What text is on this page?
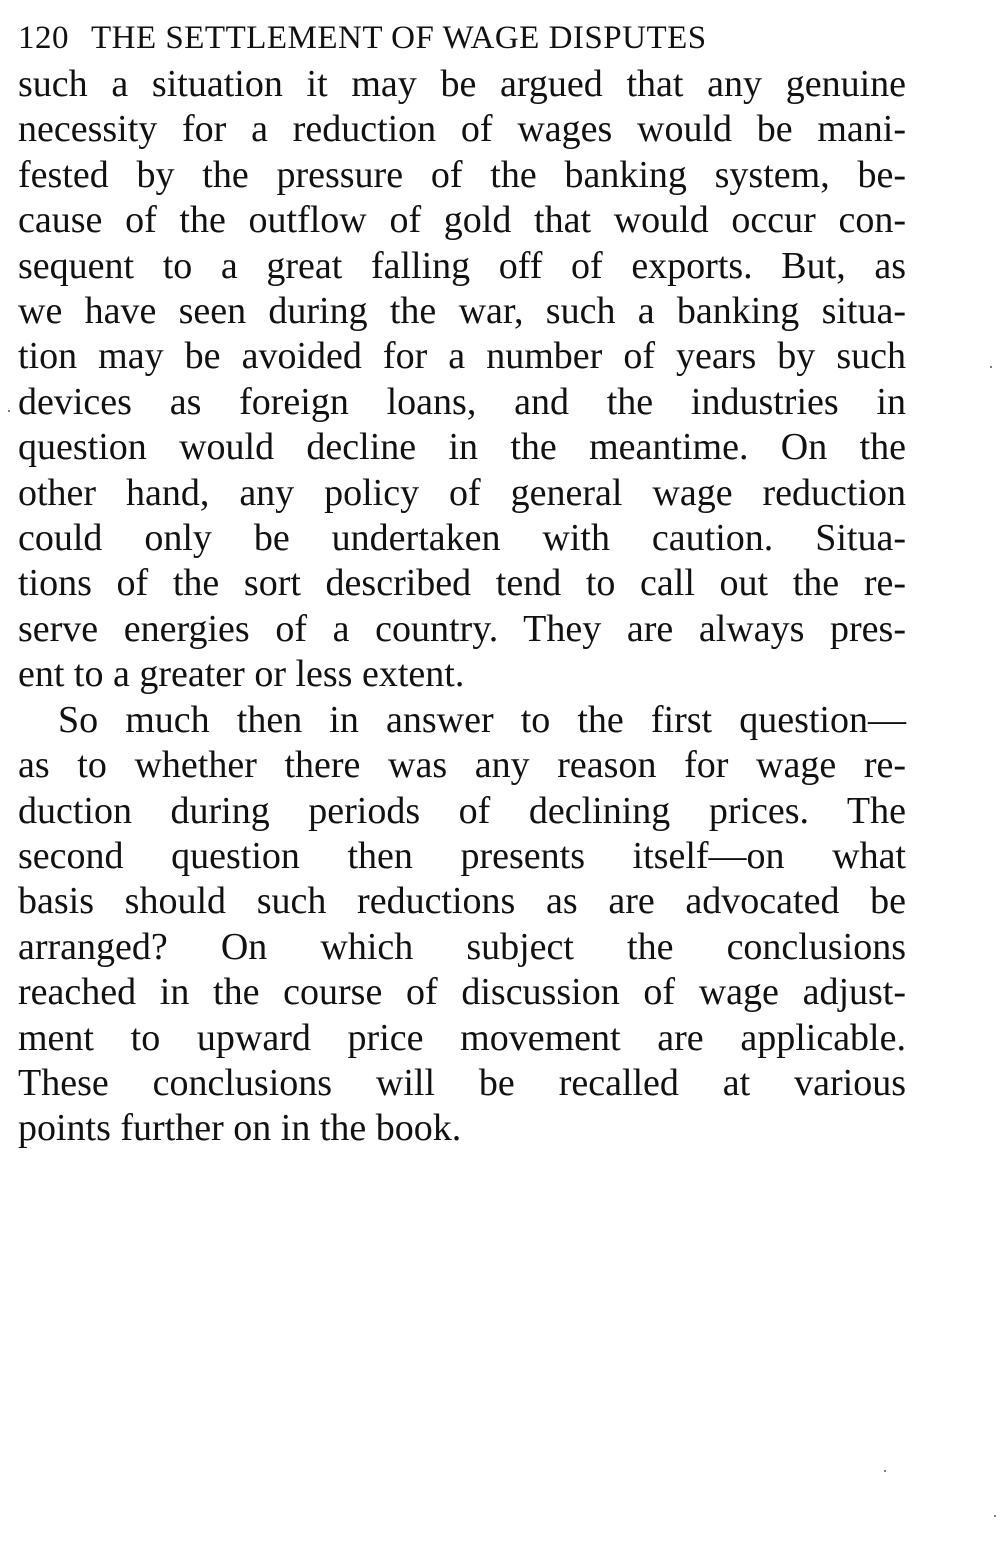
120 THE SETTLEMENT OF WAGE DISPUTES
such a situation it may be argued that any genuine
necessity for a reduction of wages would be mani-
fested by the pressure of the banking system, be-
cause of the outflow of gold that would occur con-
sequent to a great falling off of exports. But, as
we have seen during the war, such a banking situa-
tion may be avoided for a number of years by such
devices as foreign loans, and the industries in
question would decline in the meantime. On the
other hand, any policy of general wage reduction
could only be undertaken with caution. Situa-
tions of the sort described tend to call out the re-
serve energies of a country. They are always pres-
ent to a greater or less extent.
So much then in answer to the first question—
as to whether there was any reason for wage re-
duction during periods of declining prices. The
second question then presents itself—on what
basis should such reductions as are advocated be
arranged? On which subject the conclusions
reached in the course of discussion of wage adjust-
ment to upward price movement are applicable.
These conclusions will be recalled at various
points further on in the book.
